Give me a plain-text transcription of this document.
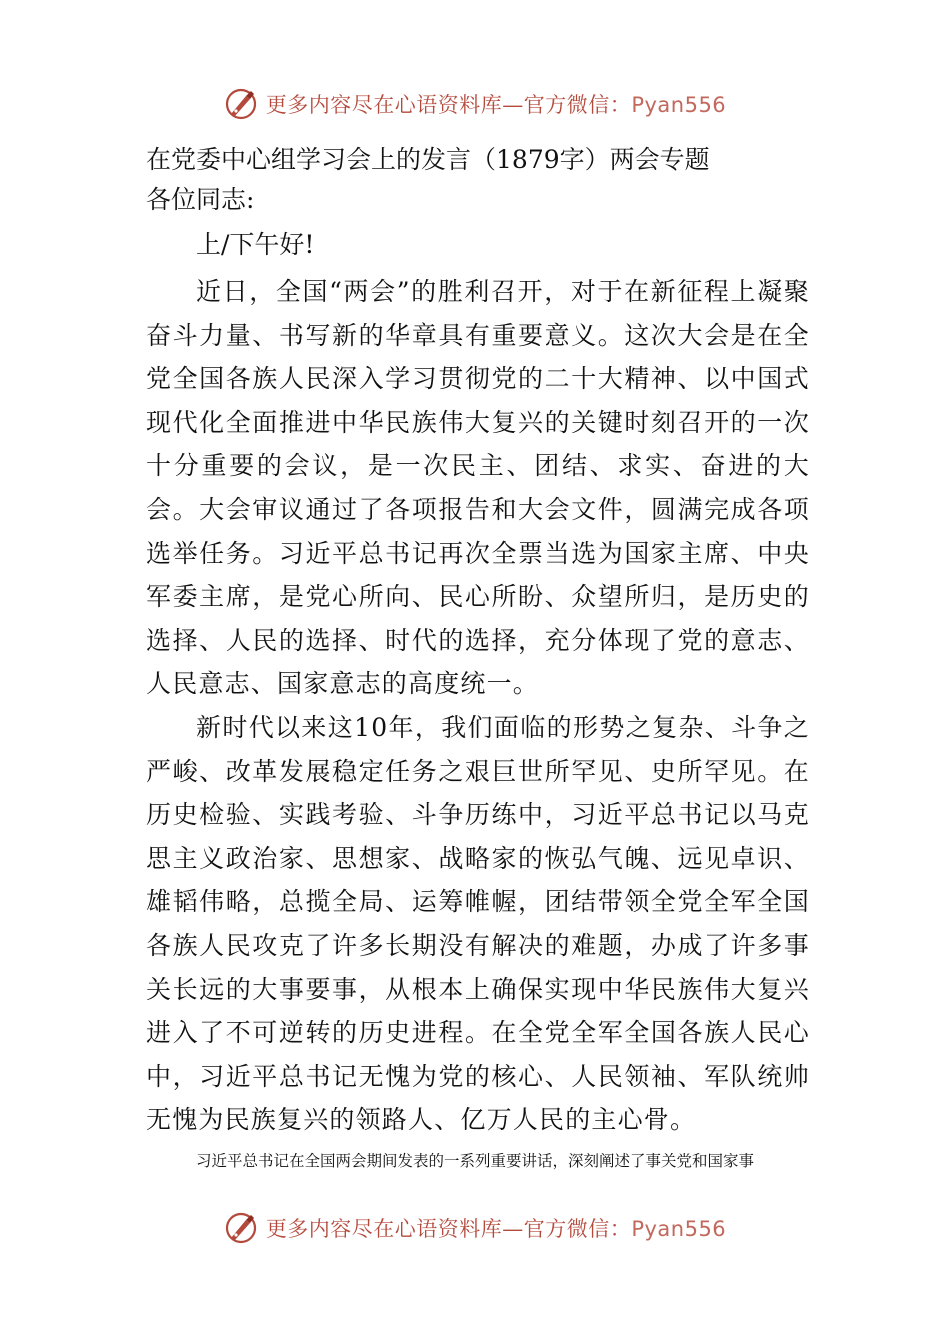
更多内容尽在心语资料库—官方微信：Pyan556
在党委中心组学习会上的发言（1879字）两会专题

各位同志:

上/下午好!

近日，全国“两会”的胜利召开，对于在新征程上凝聚奋斗力量、书写新的华章具有重要意义。这次大会是在全党全国各族人民深入学习贯彻党的二十大精神、以中国式现代化全面推进中华民族伟大复兴的关键时刻召开的一次十分重要的会议，是一次民主、团结、求实、奋进的大会。大会审议通过了各项报告和大会文件，圆满完成各项选举任务。习近平总书记再次全票当选为国家主席、中央军委主席，是党心所向、民心所盼、众望所归，是历史的选择、人民的选择、时代的选择，充分体现了党的意志、人民意志、国家意志的高度统一。

新时代以来这10年，我们面临的形势之复杂、斗争之严峻、改革发展稳定任务之艰巨世所罕见、史所罕见。在历史检验、实践考验、斗争历练中，习近平总书记以马克思主义政治家、思想家、战略家的恢弘气魄、远见卓识、雄韬伟略，总揽全局、运筹帷幄，团结带领全党全军全国各族人民攻克了许多长期没有解决的难题，办成了许多事关长远的大事要事，从根本上确保实现中华民族伟大复兴进入了不可逆转的历史进程。在全党全军全国各族人民心中，习近平总书记无愧为党的核心、人民领袖、军队统帅无愧为民族复兴的领路人、亿万人民的主心骨。

习近平总书记在全国两会期间发表的一系列重要讲话，深刻阐述了事关党和国家事

更多内容尽在心语资料库—官方微信：Pyan556
